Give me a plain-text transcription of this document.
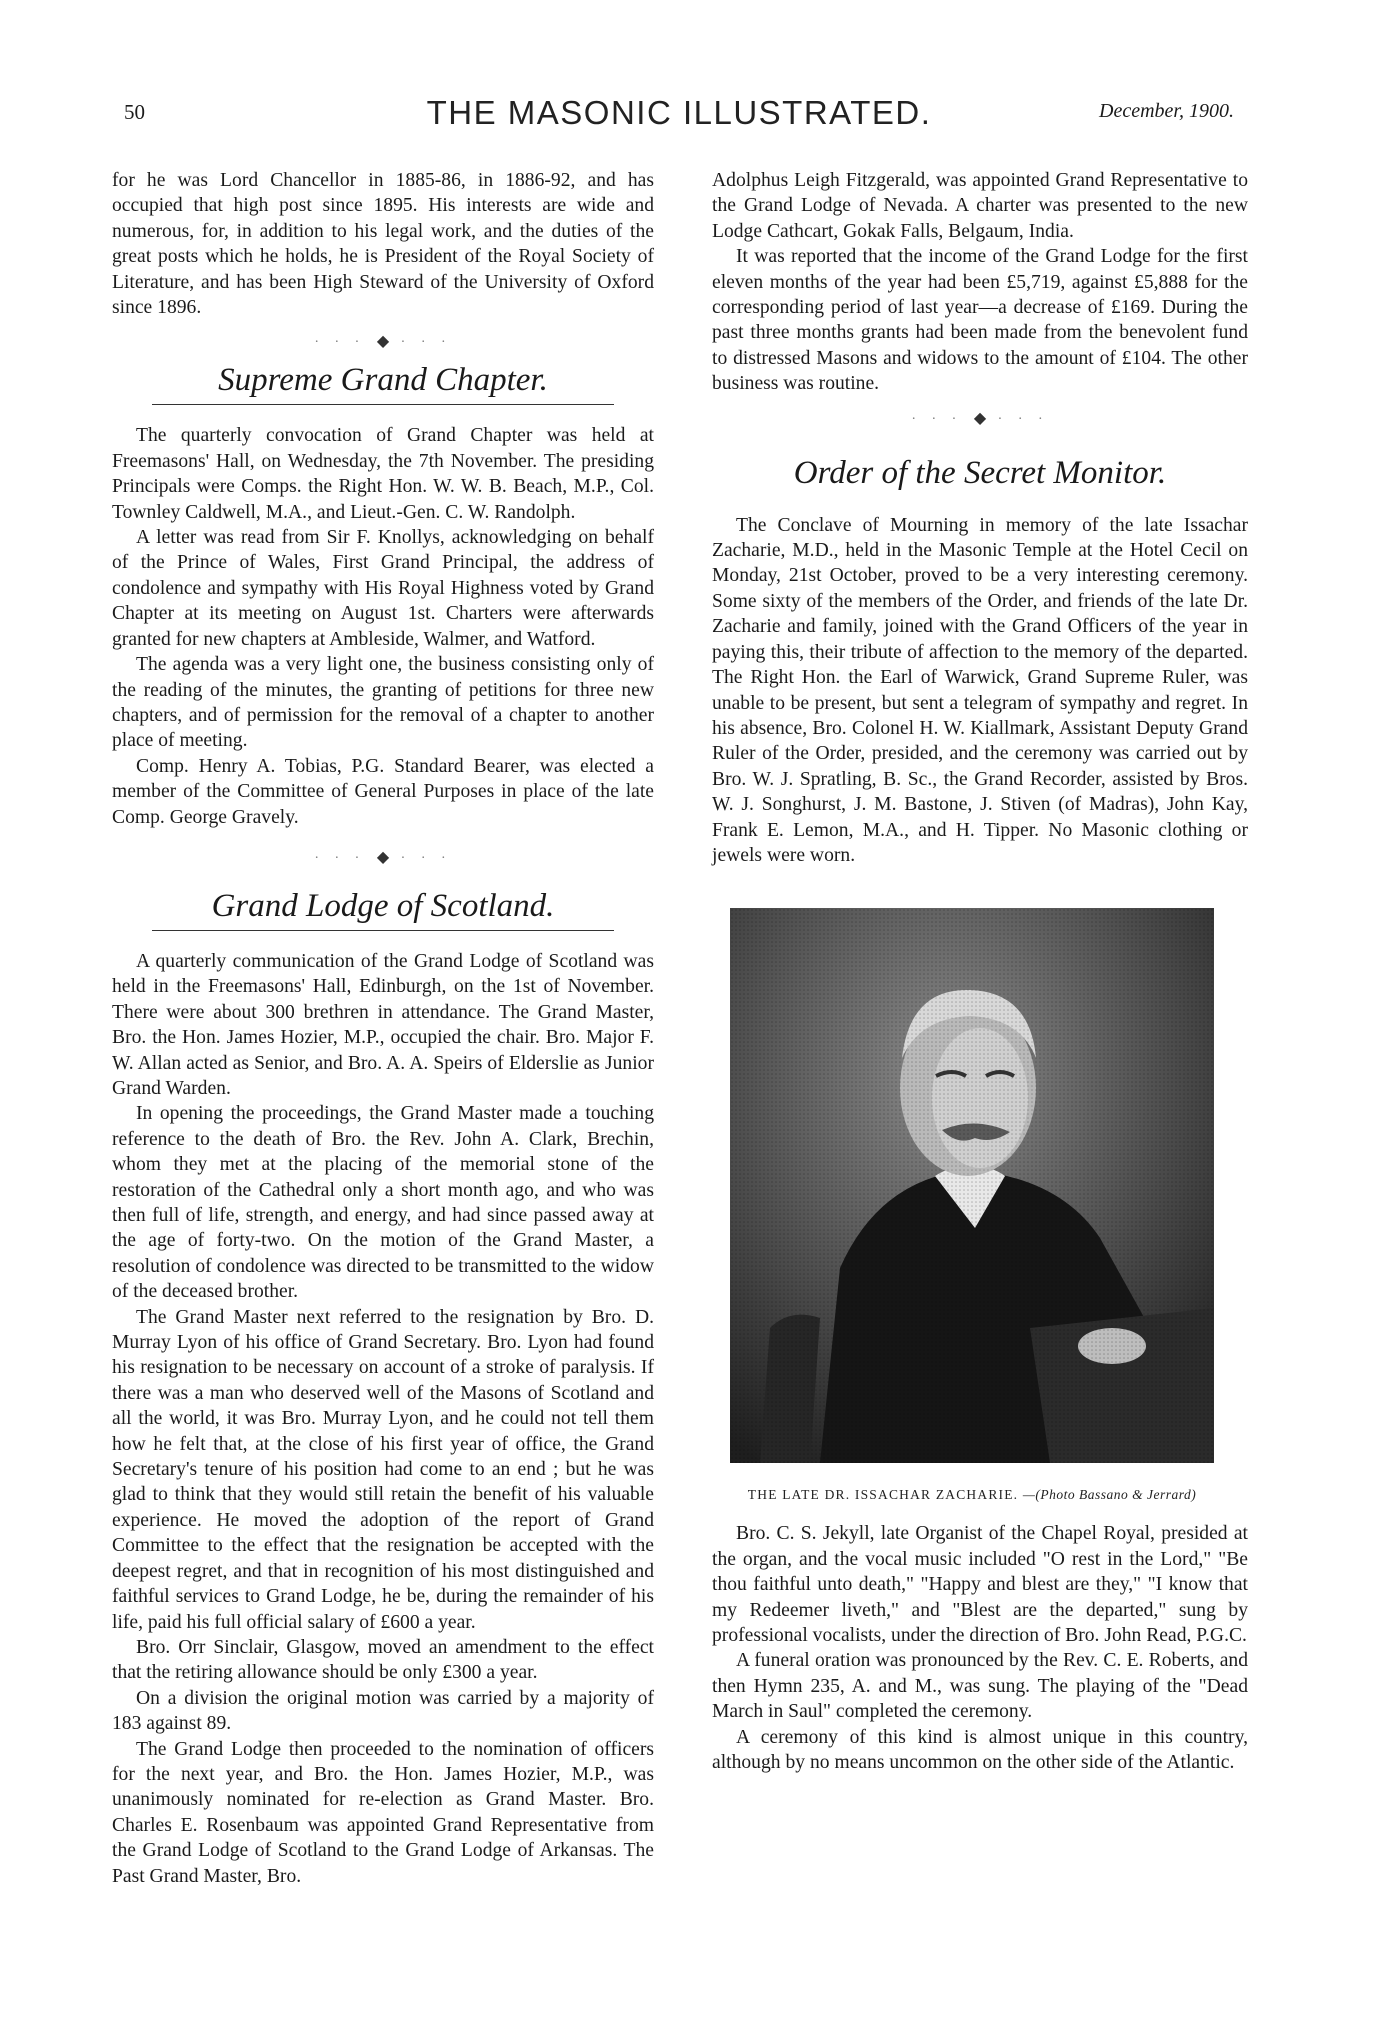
50	THE MASONIC ILLUSTRATED.	December, 1900.

for he was Lord Chancellor in 1885-86, in 1886-92, and has occupied that high post since 1895. His interests are wide and numerous, for, in addition to his legal work, and the duties of the great posts which he holds, he is President of the Royal Society of Literature, and has been High Steward of the University of Oxford since 1896.

· · · ◆ · · ·
Supreme Grand Chapter.

The quarterly convocation of Grand Chapter was held at Freemasons' Hall, on Wednesday, the 7th November. The presiding Principals were Comps. the Right Hon. W. W. B. Beach, M.P., Col. Townley Caldwell, M.A., and Lieut.-Gen. C. W. Randolph.

A letter was read from Sir F. Knollys, acknowledging on behalf of the Prince of Wales, First Grand Principal, the address of condolence and sympathy with His Royal Highness voted by Grand Chapter at its meeting on August 1st. Charters were afterwards granted for new chapters at Ambleside, Walmer, and Watford.

The agenda was a very light one, the business consisting only of the reading of the minutes, the granting of petitions for three new chapters, and of permission for the removal of a chapter to another place of meeting.

Comp. Henry A. Tobias, P.G. Standard Bearer, was elected a member of the Committee of General Purposes in place of the late Comp. George Gravely.

· · · ◆ · · ·
Grand Lodge of Scotland.

A quarterly communication of the Grand Lodge of Scotland was held in the Freemasons' Hall, Edinburgh, on the 1st of November. There were about 300 brethren in attendance. The Grand Master, Bro. the Hon. James Hozier, M.P., occupied the chair. Bro. Major F. W. Allan acted as Senior, and Bro. A. A. Speirs of Elderslie as Junior Grand Warden.

In opening the proceedings, the Grand Master made a touching reference to the death of Bro. the Rev. John A. Clark, Brechin, whom they met at the placing of the memorial stone of the restoration of the Cathedral only a short month ago, and who was then full of life, strength, and energy, and had since passed away at the age of forty-two. On the motion of the Grand Master, a resolution of condolence was directed to be transmitted to the widow of the deceased brother.

The Grand Master next referred to the resignation by Bro. D. Murray Lyon of his office of Grand Secretary. Bro. Lyon had found his resignation to be necessary on account of a stroke of paralysis. If there was a man who deserved well of the Masons of Scotland and all the world, it was Bro. Murray Lyon, and he could not tell them how he felt that, at the close of his first year of office, the Grand Secretary's tenure of his position had come to an end ; but he was glad to think that they would still retain the benefit of his valuable experience. He moved the adoption of the report of Grand Committee to the effect that the resignation be accepted with the deepest regret, and that in recognition of his most distinguished and faithful services to Grand Lodge, he be, during the remainder of his life, paid his full official salary of £600 a year.

Bro. Orr Sinclair, Glasgow, moved an amendment to the effect that the retiring allowance should be only £300 a year.

On a division the original motion was carried by a majority of 183 against 89.

The Grand Lodge then proceeded to the nomination of officers for the next year, and Bro. the Hon. James Hozier, M.P., was unanimously nominated for re-election as Grand Master. Bro. Charles E. Rosenbaum was appointed Grand Representative from the Grand Lodge of Scotland to the Grand Lodge of Arkansas. The Past Grand Master, Bro.

Adolphus Leigh Fitzgerald, was appointed Grand Representative to the Grand Lodge of Nevada. A charter was presented to the new Lodge Cathcart, Gokak Falls, Belgaum, India.

It was reported that the income of the Grand Lodge for the first eleven months of the year had been £5,719, against £5,888 for the corresponding period of last year—a decrease of £169. During the past three months grants had been made from the benevolent fund to distressed Masons and widows to the amount of £104. The other business was routine.

· · · ◆ · · ·
Order of the Secret Monitor.

The Conclave of Mourning in memory of the late Issachar Zacharie, M.D., held in the Masonic Temple at the Hotel Cecil on Monday, 21st October, proved to be a very interesting ceremony. Some sixty of the members of the Order, and friends of the late Dr. Zacharie and family, joined with the Grand Officers of the year in paying this, their tribute of affection to the memory of the departed. The Right Hon. the Earl of Warwick, Grand Supreme Ruler, was unable to be present, but sent a telegram of sympathy and regret. In his absence, Bro. Colonel H. W. Kiallmark, Assistant Deputy Grand Ruler of the Order, presided, and the ceremony was carried out by Bro. W. J. Spratling, B. Sc., the Grand Recorder, assisted by Bros. W. J. Songhurst, J. M. Bastone, J. Stiven (of Madras), John Kay, Frank E. Lemon, M.A., and H. Tipper. No Masonic clothing or jewels were worn.

THE LATE DR. ISSACHAR ZACHARIE. —(Photo Bassano & Jerrard)

Bro. C. S. Jekyll, late Organist of the Chapel Royal, presided at the organ, and the vocal music included "O rest in the Lord," "Be thou faithful unto death," "Happy and blest are they," "I know that my Redeemer liveth," and "Blest are the departed," sung by professional vocalists, under the direction of Bro. John Read, P.G.C.

A funeral oration was pronounced by the Rev. C. E. Roberts, and then Hymn 235, A. and M., was sung. The playing of the "Dead March in Saul" completed the ceremony.

A ceremony of this kind is almost unique in this country, although by no means uncommon on the other side of the Atlantic.
